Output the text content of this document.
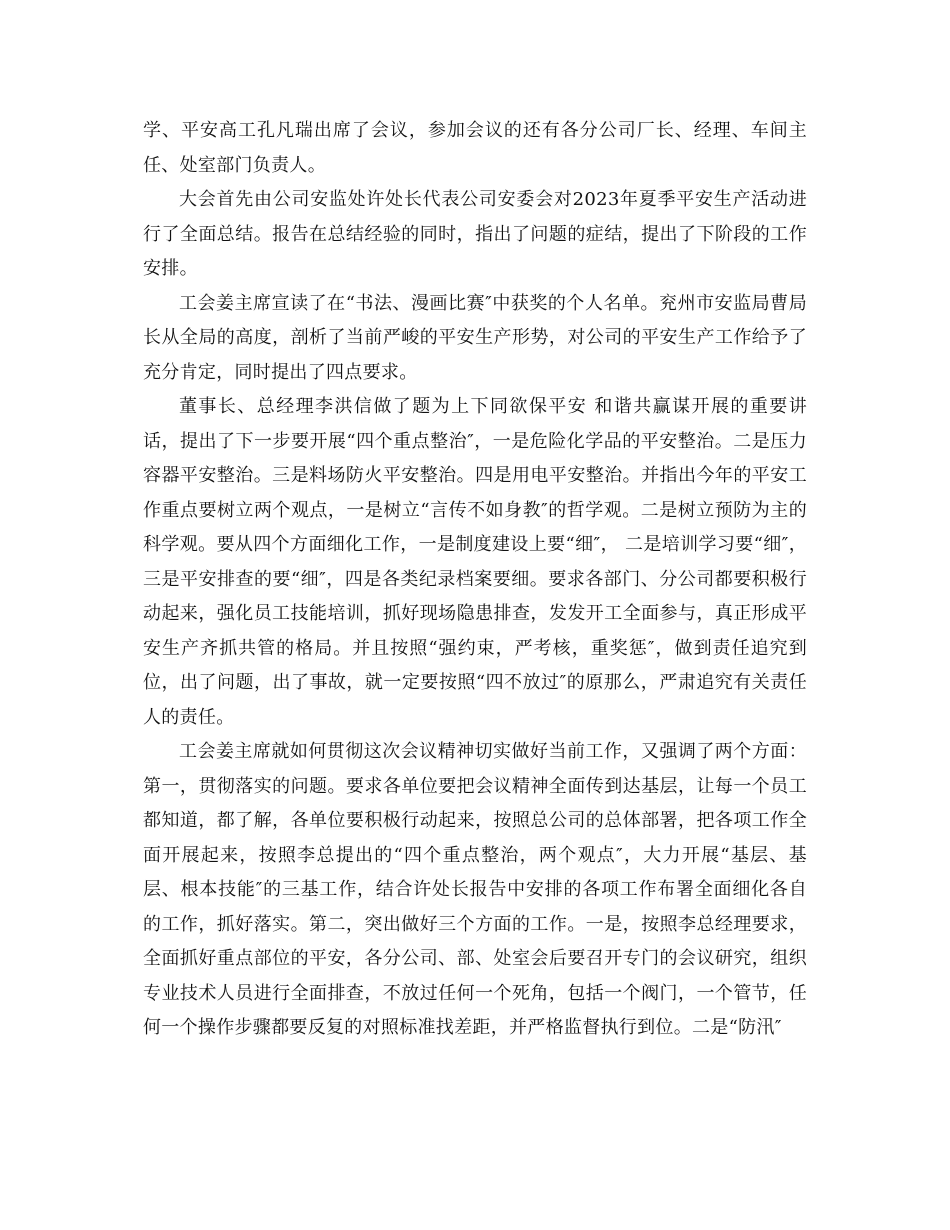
学、平安高工孔凡瑞出席了会议，参加会议的还有各分公司厂长、经理、车间主任、处室部门负责人。

大会首先由公司安监处许处长代表公司安委会对2023年夏季平安生产活动进行了全面总结。报告在总结经验的同时，指出了问题的症结，提出了下阶段的工作安排。

工会姜主席宣读了在“书法、漫画比赛″中获奖的个人名单。兖州市安监局曹局长从全局的高度，剖析了当前严峻的平安生产形势，对公司的平安生产工作给予了充分肯定，同时提出了四点要求。

董事长、总经理李洪信做了题为上下同欲保平安 和谐共赢谋开展的重要讲话，提出了下一步要开展“四个重点整治″，一是危险化学品的平安整治。二是压力容器平安整治。三是料场防火平安整治。四是用电平安整治。并指出今年的平安工作重点要树立两个观点，一是树立“言传不如身教″的哲学观。二是树立预防为主的科学观。要从四个方面细化工作，一是制度建设上要“细″， 二是培训学习要“细″， 三是平安排查的要“细″，四是各类纪录档案要细。要求各部门、分公司都要积极行动起来，强化员工技能培训，抓好现场隐患排查，发发开工全面参与，真正形成平安生产齐抓共管的格局。并且按照“强约束，严考核，重奖惩″，做到责任追究到位，出了问题，出了事故，就一定要按照“四不放过″的原那么，严肃追究有关责任人的责任。

工会姜主席就如何贯彻这次会议精神切实做好当前工作，又强调了两个方面：第一，贯彻落实的问题。要求各单位要把会议精神全面传到达基层，让每一个员工都知道，都了解，各单位要积极行动起来，按照总公司的总体部署，把各项工作全面开展起来，按照李总提出的“四个重点整治，两个观点″，大力开展“基层、基层、根本技能″的三基工作，结合许处长报告中安排的各项工作布署全面细化各自的工作，抓好落实。第二，突出做好三个方面的工作。一是，按照李总经理要求，全面抓好重点部位的平安，各分公司、部、处室会后要召开专门的会议研究，组织专业技术人员进行全面排查，不放过任何一个死角，包括一个阀门，一个管节，任何一个操作步骤都要反复的对照标准找差距，并严格监督执行到位。二是“防汛″
